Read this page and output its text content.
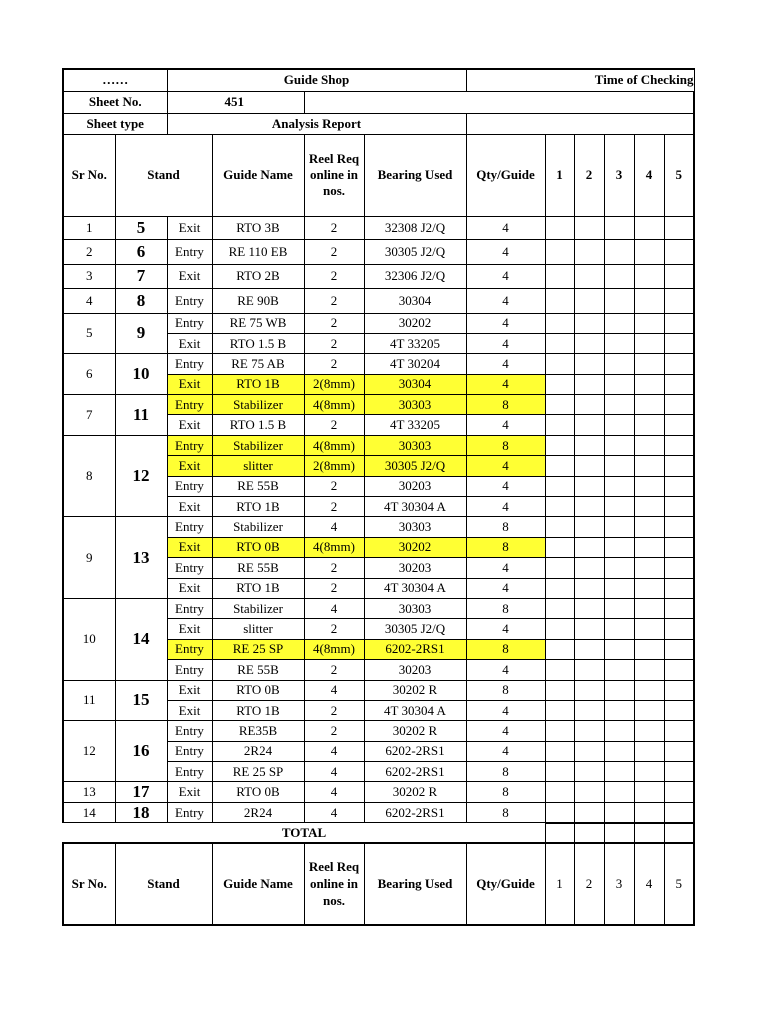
……		Guide Shop				Time of Checking					
Sheet No.		451									
Sheet type		Analysis Report									
Sr No.	Stand		Guide Name	Reel Req online in nos.	Bearing Used	Qty/Guide	1	2	3	4	5
1	5	Exit	RTO 3B	2	32308 J2/Q	4					
2	6	Entry	RE 110 EB	2	30305 J2/Q	4					
3	7	Exit	RTO 2B	2	32306 J2/Q	4					
4	8	Entry	RE 90B	2	30304	4					
5	9	Entry	RE 75 WB	2	30202	4					
		Exit	RTO 1.5 B	2	4T 33205	4					
6	10	Entry	RE 75 AB	2	4T 30204	4					
		Exit	RTO 1B	2(8mm)	30304	4					
7	11	Entry	Stabilizer	4(8mm)	30303	8					
		Exit	RTO 1.5 B	2	4T 33205	4					
8	12	Entry	Stabilizer	4(8mm)	30303	8					
		Exit	slitter	2(8mm)	30305 J2/Q	4					
		Entry	RE 55B	2	30203	4					
		Exit	RTO 1B	2	4T 30304 A	4					
9	13	Entry	Stabilizer	4	30303	8					
		Exit	RTO 0B	4(8mm)	30202	8					
		Entry	RE 55B	2	30203	4					
		Exit	RTO 1B	2	4T 30304 A	4					
10	14	Entry	Stabilizer	4	30303	8					
		Exit	slitter	2	30305 J2/Q	4					
		Entry	RE 25 SP	4(8mm)	6202-2RS1	8					
		Entry	RE 55B	2	30203	4					
11	15	Exit	RTO 0B	4	30202 R	8					
		Exit	RTO 1B	2	4T 30304 A	4					
12	16	Entry	RE35B	2	30202 R	4					
		Entry	2R24	4	6202-2RS1	4					
		Entry	RE 25 SP	4	6202-2RS1	8					
13	17	Exit	RTO 0B	4	30202 R	8					
14	18	Entry	2R24	4	6202-2RS1	8					
TOTAL											
Sr No.	Stand		Guide Name	Reel Req online in nos.	Bearing Used	Qty/Guide	1	2	3	4	5
